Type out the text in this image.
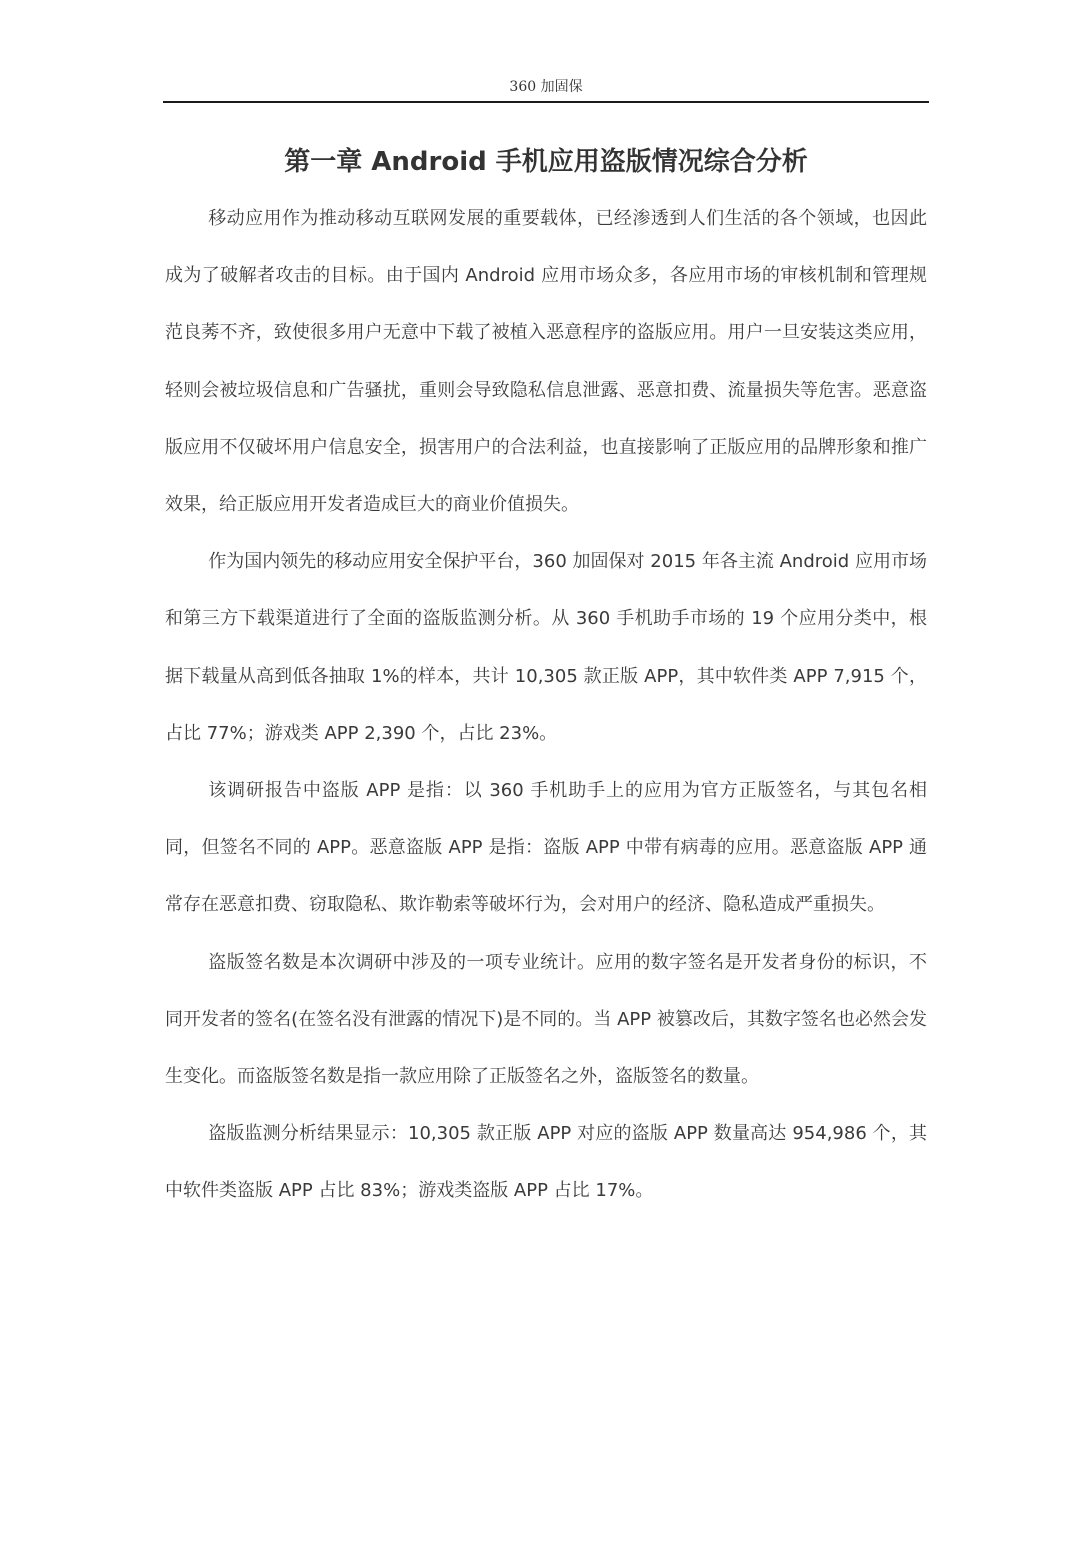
360 加固保
第一章 Android 手机应用盗版情况综合分析

移动应用作为推动移动互联网发展的重要载体，已经渗透到人们生活的各个领域，也因此成为了破解者攻击的目标。由于国内 Android 应用市场众多，各应用市场的审核机制和管理规范良莠不齐，致使很多用户无意中下载了被植入恶意程序的盗版应用。用户一旦安装这类应用，轻则会被垃圾信息和广告骚扰，重则会导致隐私信息泄露、恶意扣费、流量损失等危害。恶意盗版应用不仅破坏用户信息安全，损害用户的合法利益，也直接影响了正版应用的品牌形象和推广效果，给正版应用开发者造成巨大的商业价值损失。

作为国内领先的移动应用安全保护平台，360 加固保对 2015 年各主流 Android 应用市场和第三方下载渠道进行了全面的盗版监测分析。从 360 手机助手市场的 19 个应用分类中，根据下载量从高到低各抽取 1%的样本，共计 10,305 款正版 APP，其中软件类 APP 7,915 个，占比 77%；游戏类 APP 2,390 个，占比 23%。

该调研报告中盗版 APP 是指：以 360 手机助手上的应用为官方正版签名，与其包名相同，但签名不同的 APP。恶意盗版 APP 是指：盗版 APP 中带有病毒的应用。恶意盗版 APP 通常存在恶意扣费、窃取隐私、欺诈勒索等破坏行为，会对用户的经济、隐私造成严重损失。

盗版签名数是本次调研中涉及的一项专业统计。应用的数字签名是开发者身份的标识，不同开发者的签名(在签名没有泄露的情况下)是不同的。当 APP 被篡改后，其数字签名也必然会发生变化。而盗版签名数是指一款应用除了正版签名之外，盗版签名的数量。

盗版监测分析结果显示：10,305 款正版 APP 对应的盗版 APP 数量高达 954,986 个，其中软件类盗版 APP 占比 83%；游戏类盗版 APP 占比 17%。
